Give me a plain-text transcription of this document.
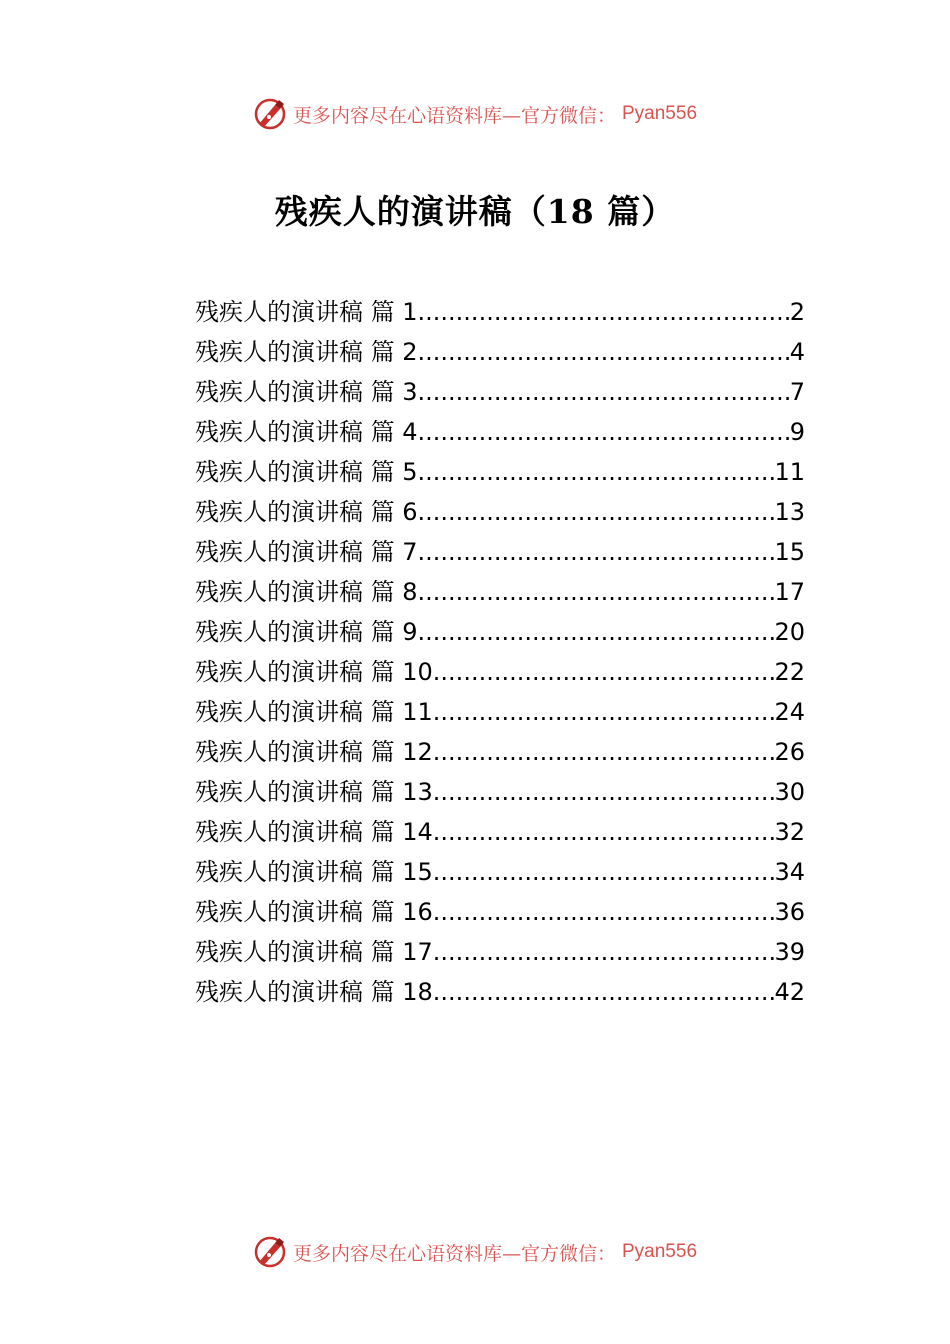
更多内容尽在心语资料库—官方微信： Pyan556
残疾人的演讲稿（18 篇）
残疾人的演讲稿 篇 1 .....	2
残疾人的演讲稿 篇 2 .....	4
残疾人的演讲稿 篇 3 .....	7
残疾人的演讲稿 篇 4 .....	9
残疾人的演讲稿 篇 5 .....	11
残疾人的演讲稿 篇 6 .....	13
残疾人的演讲稿 篇 7 .....	15
残疾人的演讲稿 篇 8 .....	17
残疾人的演讲稿 篇 9 .....	20
残疾人的演讲稿 篇 10 .....	22
残疾人的演讲稿 篇 11 .....	24
残疾人的演讲稿 篇 12 .....	26
残疾人的演讲稿 篇 13 .....	30
残疾人的演讲稿 篇 14 .....	32
残疾人的演讲稿 篇 15 .....	34
残疾人的演讲稿 篇 16 .....	36
残疾人的演讲稿 篇 17 .....	39
残疾人的演讲稿 篇 18 .....	42
更多内容尽在心语资料库—官方微信： Pyan556
